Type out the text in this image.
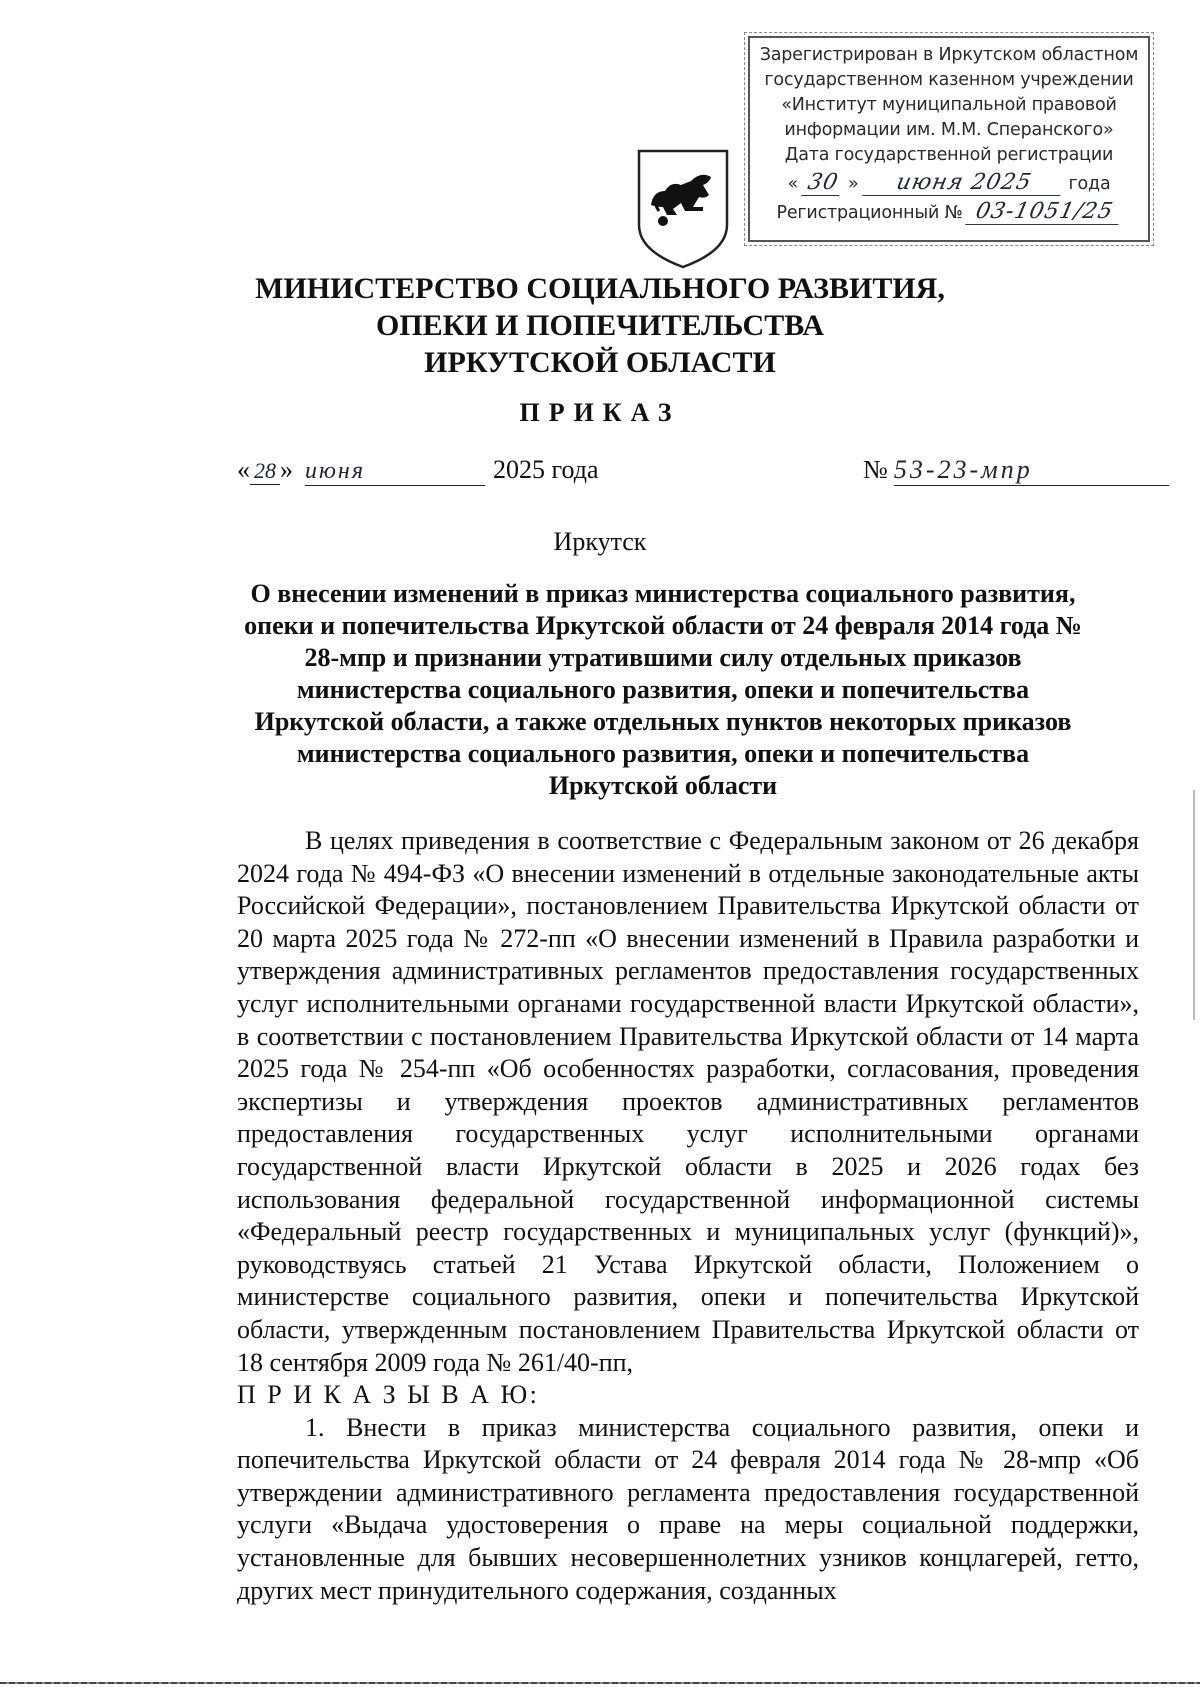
Зарегистрирован в Иркутском областном
государственном казенном учреждении
«Институт муниципальной правовой
информации им. М.М. Сперанского»
Дата государственной регистрации
« 30 »	июня 2025	года
Регистрационный № 03-1051/25
МИНИСТЕРСТВО СОЦИАЛЬНОГО РАЗВИТИЯ,
ОПЕКИ И ПОПЕЧИТЕЛЬСТВА
ИРКУТСКОЙ ОБЛАСТИ
ПРИКАЗ
« 28 » июня	2025 года	№ 53-23-мпр
Иркутск
О внесении изменений в приказ министерства социального развития, опеки и попечительства Иркутской области от 24 февраля 2014 года № 28-мпр и признании утратившими силу отдельных приказов министерства социального развития, опеки и попечительства Иркутской области, а также отдельных пунктов некоторых приказов министерства социального развития, опеки и попечительства Иркутской области

В целях приведения в соответствие с Федеральным законом от 26 декабря 2024 года № 494-ФЗ «О внесении изменений в отдельные законодательные акты Российской Федерации», постановлением Правительства Иркутской области от 20 марта 2025 года № 272-пп «О внесении изменений в Правила разработки и утверждения административных регламентов предоставления государственных услуг исполнительными органами государственной власти Иркутской области», в соответствии с постановлением Правительства Иркутской области от 14 марта 2025 года № 254-пп «Об особенностях разработки, согласования, проведения экспертизы и утверждения проектов административных регламентов предоставления государственных услуг исполнительными органами государственной власти Иркутской области в 2025 и 2026 годах без использования федеральной государственной информационной системы «Федеральный реестр государственных и муниципальных услуг (функций)», руководствуясь статьей 21 Устава Иркутской области, Положением о министерстве социального развития, опеки и попечительства Иркутской области, утвержденным постановлением Правительства Иркутской области от 18 сентября 2009 года № 261/40-пп,

П Р И К А З Ы В А Ю:

1. Внести в приказ министерства социального развития, опеки и попечительства Иркутской области от 24 февраля 2014 года № 28-мпр «Об утверждении административного регламента предоставления государственной услуги «Выдача удостоверения о праве на меры социальной поддержки, установленные для бывших несовершеннолетних узников концлагерей, гетто, других мест принудительного содержания, созданных
